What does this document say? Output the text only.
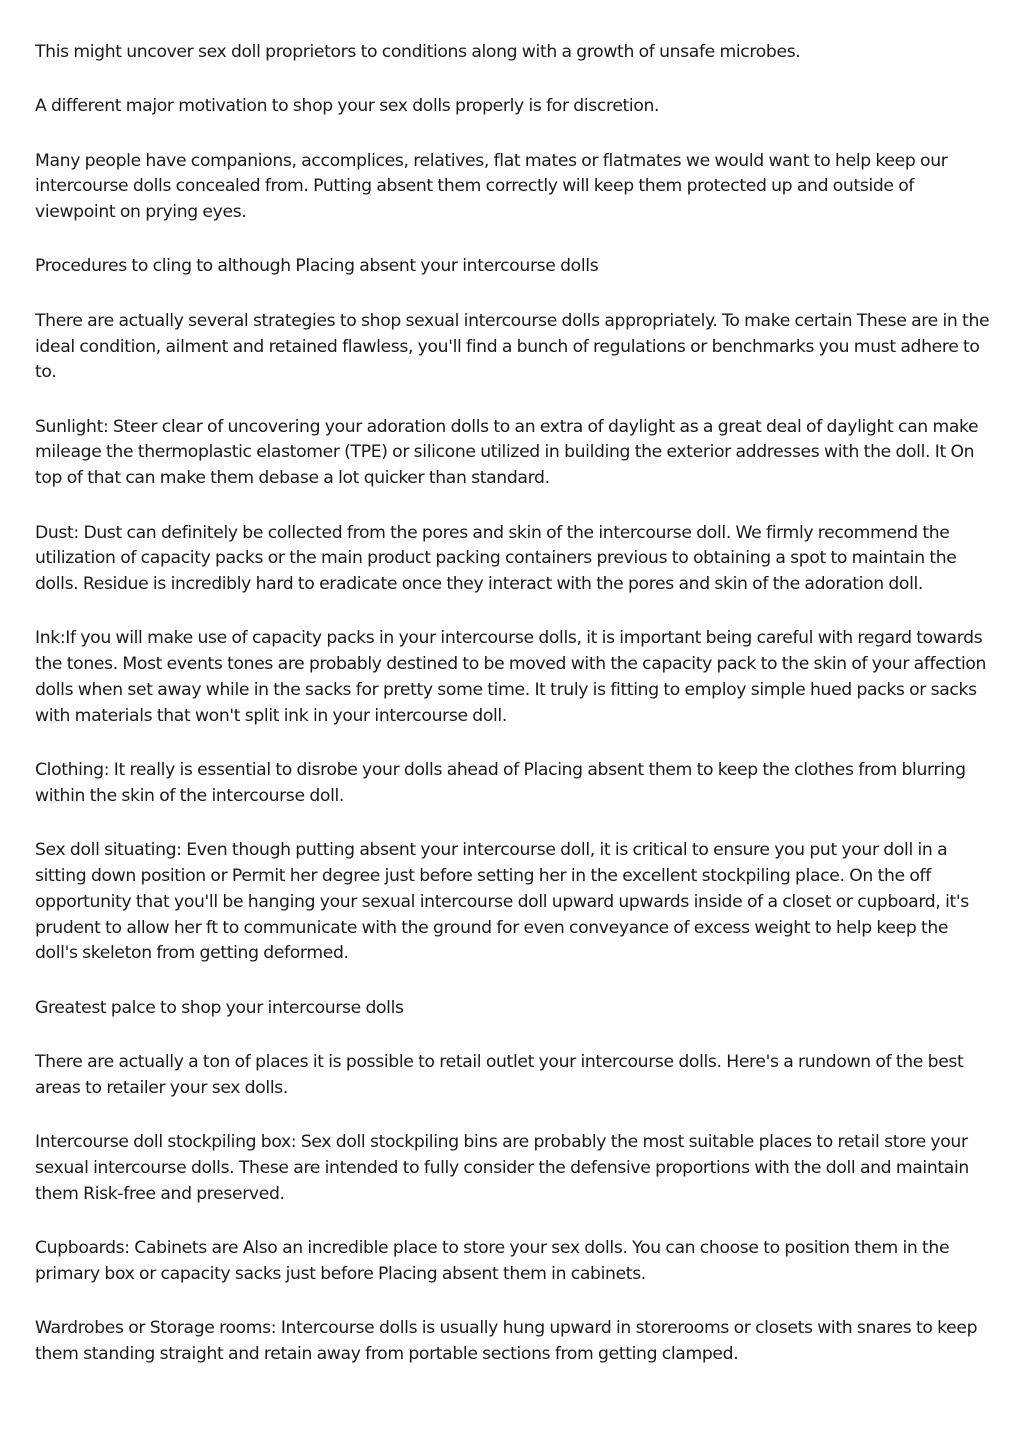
This might uncover sex doll proprietors to conditions along with a growth of unsafe microbes.

A different major motivation to shop your sex dolls properly is for discretion.

Many people have companions, accomplices, relatives, flat mates or flatmates we would want to help keep our intercourse dolls concealed from. Putting absent them correctly will keep them protected up and outside of viewpoint on prying eyes.

Procedures to cling to although Placing absent your intercourse dolls

There are actually several strategies to shop sexual intercourse dolls appropriately. To make certain These are in the ideal condition, ailment and retained flawless, you'll find a bunch of regulations or benchmarks you must adhere to to.

Sunlight: Steer clear of uncovering your adoration dolls to an extra of daylight as a great deal of daylight can make mileage the thermoplastic elastomer (TPE) or silicone utilized in building the exterior addresses with the doll. It On top of that can make them debase a lot quicker than standard.

Dust: Dust can definitely be collected from the pores and skin of the intercourse doll. We firmly recommend the utilization of capacity packs or the main product packing containers previous to obtaining a spot to maintain the dolls. Residue is incredibly hard to eradicate once they interact with the pores and skin of the adoration doll.

Ink:If you will make use of capacity packs in your intercourse dolls, it is important being careful with regard towards the tones. Most events tones are probably destined to be moved with the capacity pack to the skin of your affection dolls when set away while in the sacks for pretty some time. It truly is fitting to employ simple hued packs or sacks with materials that won't split ink in your intercourse doll.

Clothing: It really is essential to disrobe your dolls ahead of Placing absent them to keep the clothes from blurring within the skin of the intercourse doll.

Sex doll situating: Even though putting absent your intercourse doll, it is critical to ensure you put your doll in a sitting down position or Permit her degree just before setting her in the excellent stockpiling place. On the off opportunity that you'll be hanging your sexual intercourse doll upward upwards inside of a closet or cupboard, it's prudent to allow her ft to communicate with the ground for even conveyance of excess weight to help keep the doll's skeleton from getting deformed.

Greatest palce to shop your intercourse dolls

There are actually a ton of places it is possible to retail outlet your intercourse dolls. Here's a rundown of the best areas to retailer your sex dolls.

Intercourse doll stockpiling box: Sex doll stockpiling bins are probably the most suitable places to retail store your sexual intercourse dolls. These are intended to fully consider the defensive proportions with the doll and maintain them Risk-free and preserved.

Cupboards: Cabinets are Also an incredible place to store your sex dolls. You can choose to position them in the primary box or capacity sacks just before Placing absent them in cabinets.

Wardrobes or Storage rooms: Intercourse dolls is usually hung upward in storerooms or closets with snares to keep them standing straight and retain away from portable sections from getting clamped.
